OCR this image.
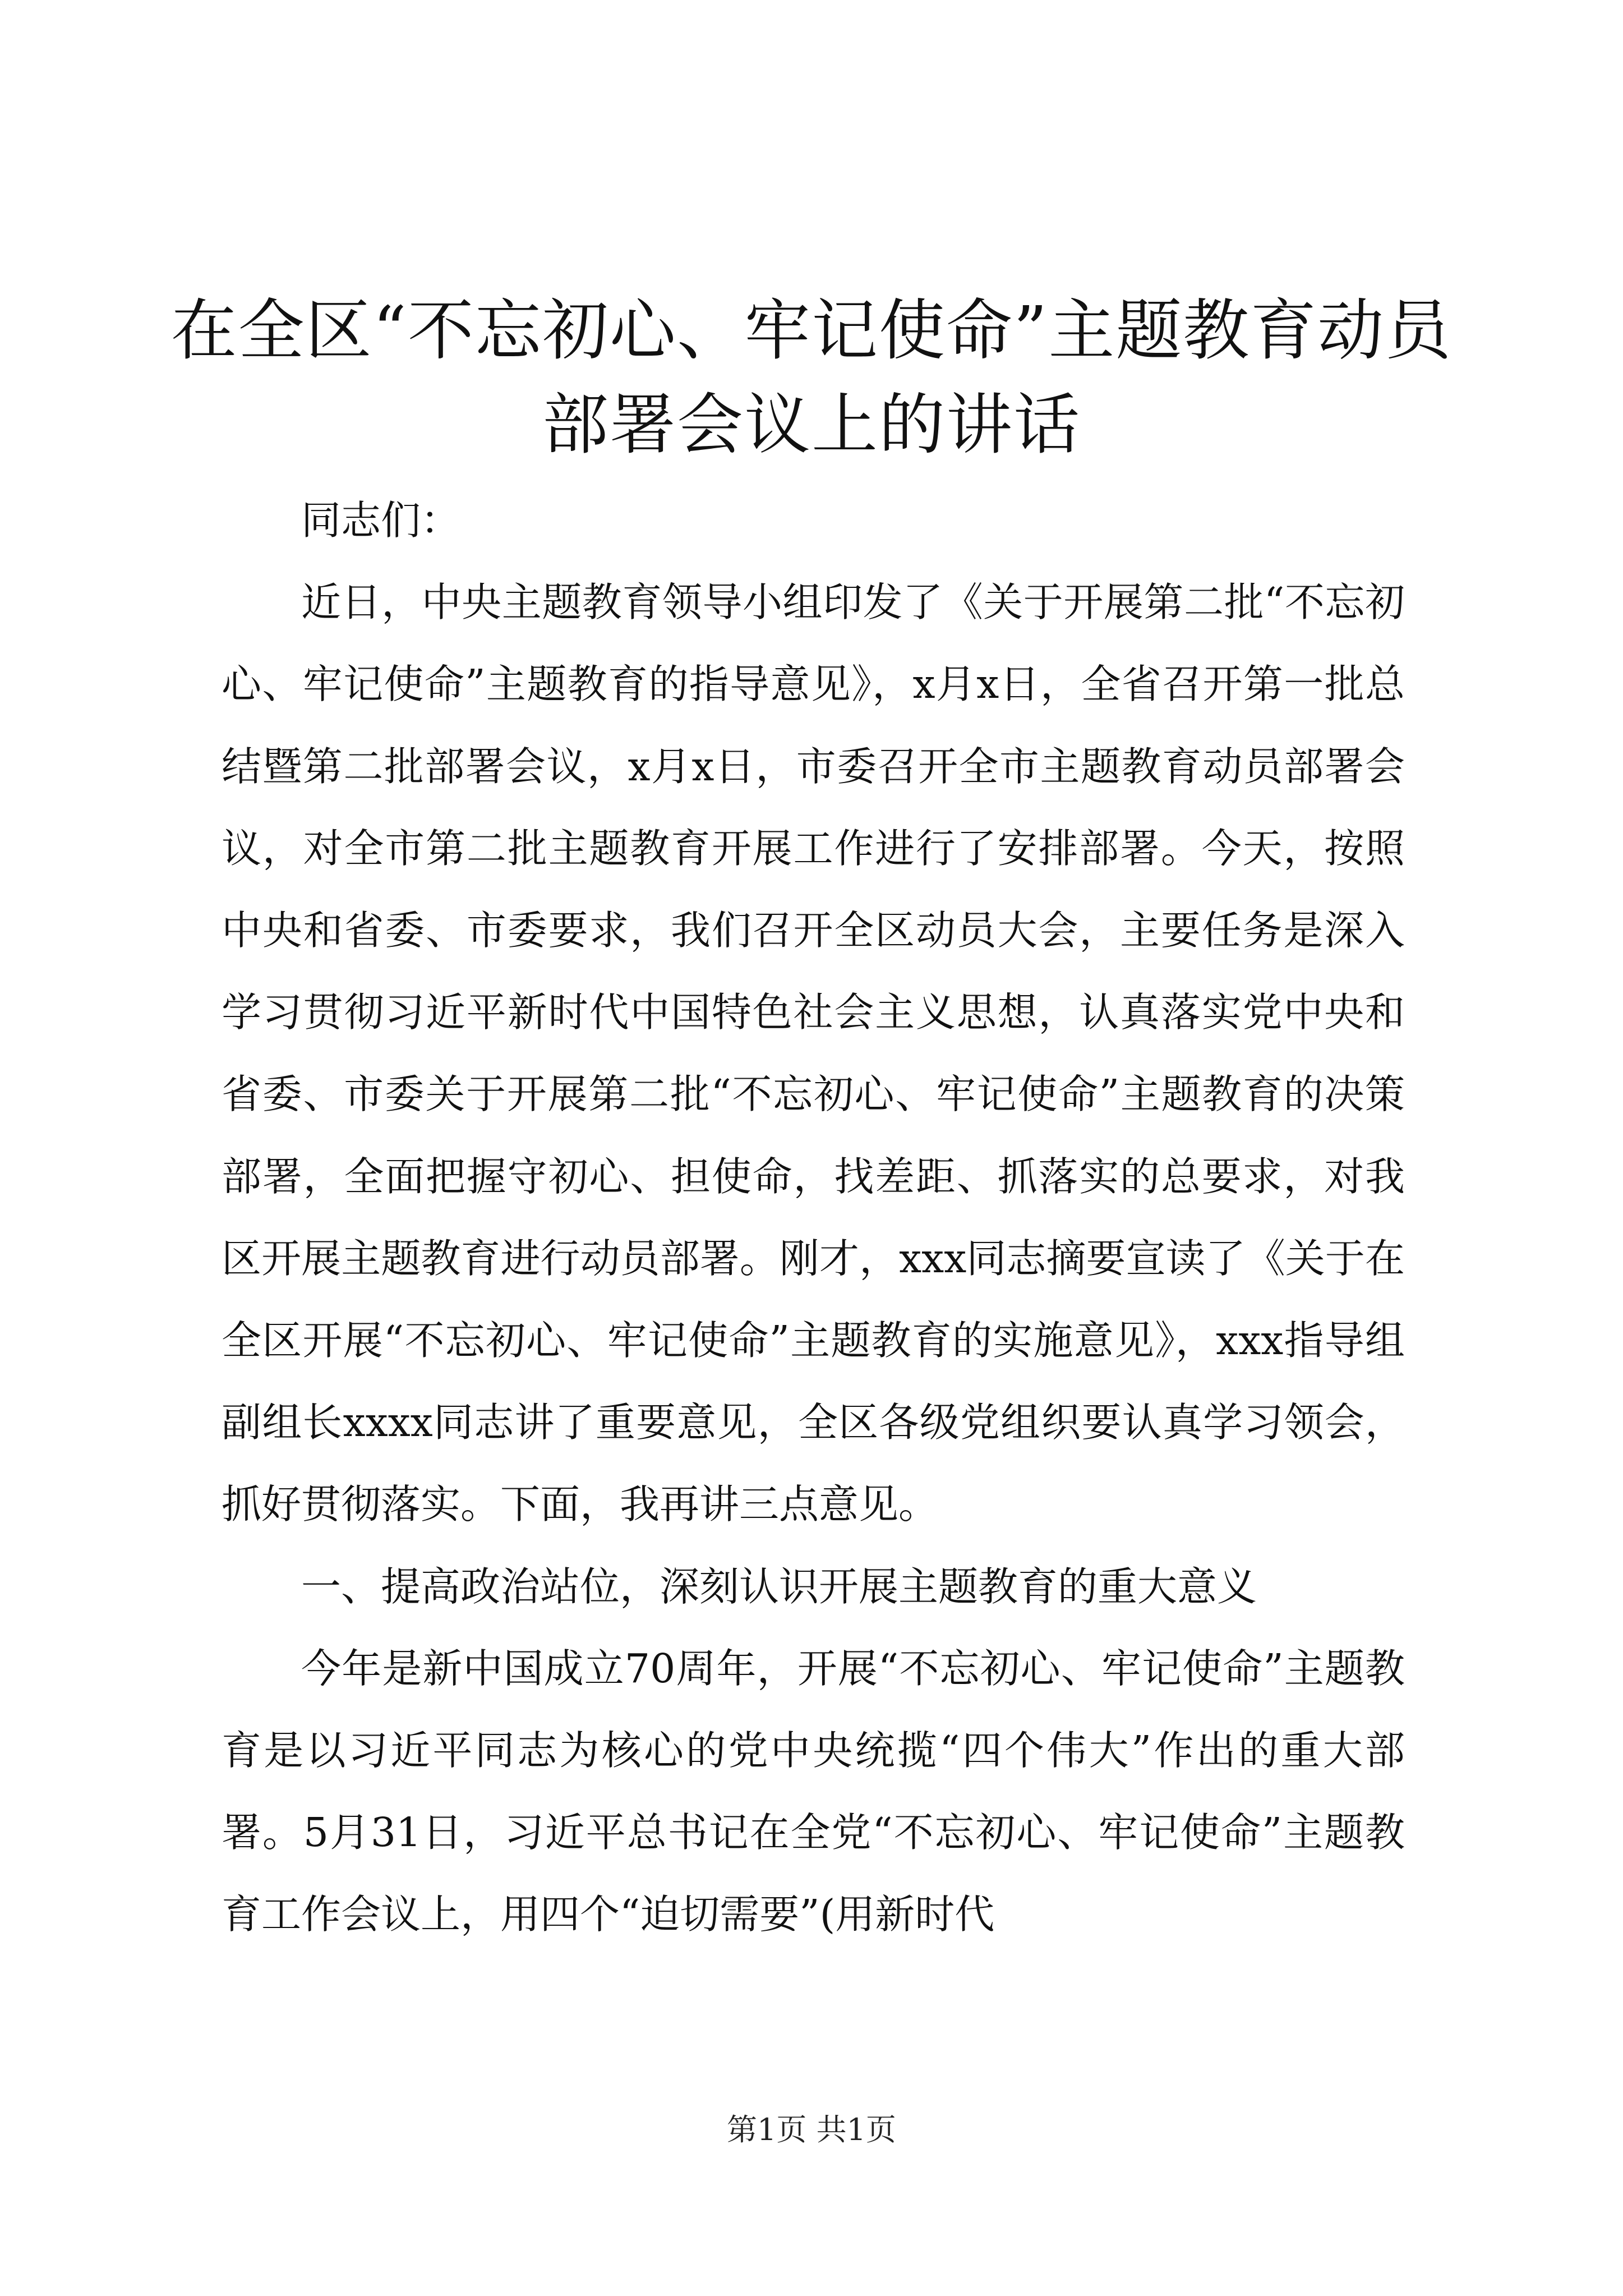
在全区“不忘初心、牢记使命”主题教育动员
部署会议上的讲话

同志们：

近日，中央主题教育领导小组印发了《关于开展第二批“不忘初心、牢记使命”主题教育的指导意见》，x月x日，全省召开第一批总结暨第二批部署会议，x月x日，市委召开全市主题教育动员部署会议，对全市第二批主题教育开展工作进行了安排部署。今天，按照中央和省委、市委要求，我们召开全区动员大会，主要任务是深入学习贯彻习近平新时代中国特色社会主义思想，认真落实党中央和省委、市委关于开展第二批“不忘初心、牢记使命”主题教育的决策部署，全面把握守初心、担使命，找差距、抓落实的总要求，对我区开展主题教育进行动员部署。刚才，xxx同志摘要宣读了《关于在全区开展“不忘初心、牢记使命”主题教育的实施意见》，xxx指导组副组长xxxx同志讲了重要意见，全区各级党组织要认真学习领会，抓好贯彻落实。下面，我再讲三点意见。

一、提高政治站位，深刻认识开展主题教育的重大意义

今年是新中国成立70周年，开展“不忘初心、牢记使命”主题教育是以习近平同志为核心的党中央统揽“四个伟大”作出的重大部署。5月31日，习近平总书记在全党“不忘初心、牢记使命”主题教育工作会议上，用四个“迫切需要”(用新时代

第1页 共1页
